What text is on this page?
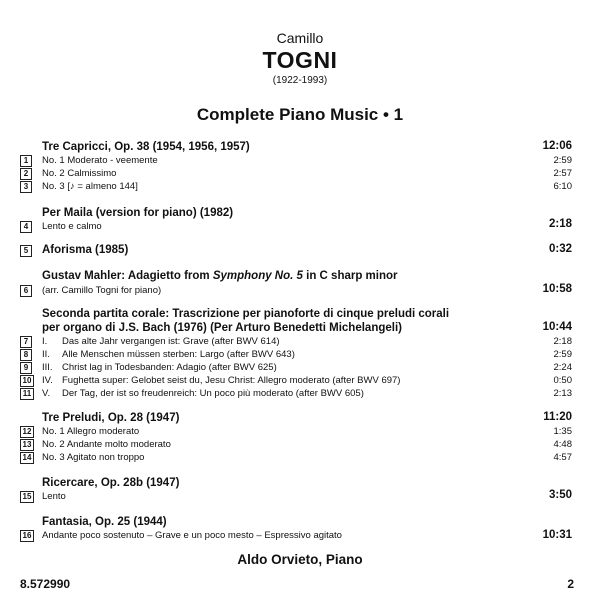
Camillo
TOGNI
(1922-1993)
Complete Piano Music • 1
Tre Capricci, Op. 38 (1954, 1956, 1957)	12:06
1	No. 1 Moderato - veemente	2:59
2	No. 2 Calmissimo	2:57
3	No. 3 [♪ = almeno 144]	6:10
Per Maila (version for piano) (1982)
4	Lento e calmo	2:18
5	Aforisma (1985)	0:32
Gustav Mahler: Adagietto from Symphony No. 5 in C sharp minor
6	(arr. Camillo Togni for piano)	10:58
Seconda partita corale: Trascrizione per pianoforte di cinque preludi corali
per organo di J.S. Bach (1976) (Per Arturo Benedetti Michelangeli)	10:44
7	I.	Das alte Jahr vergangen ist: Grave (after BWV 614)	2:18
8	II.	Alle Menschen müssen sterben: Largo (after BWV 643)	2:59
9	III. Christ lag in Todesbanden: Adagio (after BWV 625)	2:24
10 IV. Fughetta super: Gelobet seist du, Jesu Christ: Allegro moderato (after BWV 697)	0:50
11 V.	Der Tag, der ist so freudenreich: Un poco più moderato (after BWV 605)	2:13
Tre Preludi, Op. 28 (1947)	11:20
12 No. 1 Allegro moderato	1:35
13 No. 2 Andante molto moderato	4:48
14 No. 3 Agitato non troppo	4:57
Ricercare, Op. 28b (1947)
15 Lento	3:50
Fantasia, Op. 25 (1944)
16 Andante poco sostenuto – Grave e un poco mesto – Espressivo agitato	10:31
Aldo Orvieto, Piano
8.572990	2
